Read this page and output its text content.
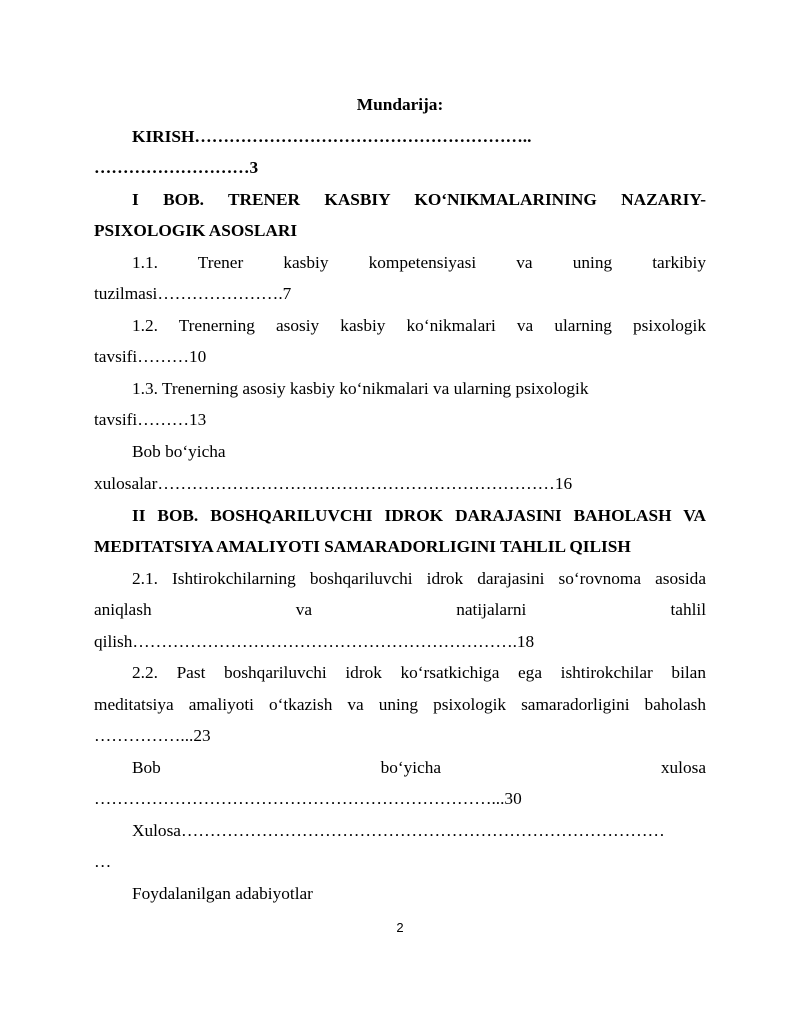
Mundarija:
KIRISH…………………………………………………..
………………………3
I BOB. TRENER KASBIY KOʻNIKMALARINING NAZARIY-
PSIXOLOGIK ASOSLARI
1.1. Trener kasbiy kompetensiyasi va uning tarkibiy
tuzilmasi………………….7
1.2. Trenerning asosiy kasbiy koʻnikmalari va ularning psixologik
tavsifi………10
1.3. Trenerning asosiy kasbiy koʻnikmalari va ularning psixologik
tavsifi………13
Bob boʻyicha
xulosalar……………………………………………………………16
II BOB. BOSHQARILUVCHI IDROK DARAJASINI BAHOLASH VA
MEDITATSIYA AMALIYOTI SAMARADORLIGINI TAHLIL QILISH
2.1. Ishtirokchilarning boshqariluvchi idrok darajasini soʻrovnoma asosida
aniqlash va natijalarni tahlil
qilish………………………………………………………….18
2.2. Past boshqariluvchi idrok koʻrsatkichiga ega ishtirokchilar bilan
meditatsiya amaliyoti oʻtkazish va uning psixologik samaradorligini baholash
……………...23
Bob boʻyicha xulosa
……………………………………………………………...30
Xulosa…………………………………………………………………………
…
Foydalanilgan adabiyotlar
2
